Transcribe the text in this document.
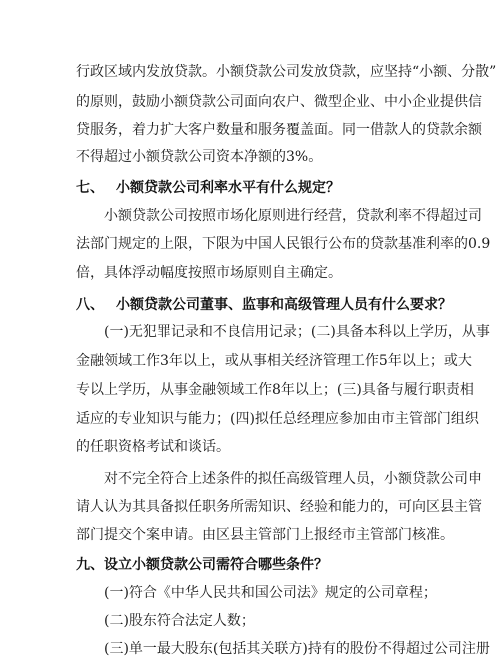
行政区域内发放贷款。小额贷款公司发放贷款，应坚持“小额、分散”
的原则，鼓励小额贷款公司面向农户、微型企业、中小企业提供信
贷服务，着力扩大客户数量和服务覆盖面。同一借款人的贷款余额
不得超过小额贷款公司资本净额的3%。
七、 小额贷款公司利率水平有什么规定？
小额贷款公司按照市场化原则进行经营，贷款利率不得超过司
法部门规定的上限，下限为中国人民银行公布的贷款基准利率的0.9
倍，具体浮动幅度按照市场原则自主确定。
八、 小额贷款公司董事、监事和高级管理人员有什么要求？
(一)无犯罪记录和不良信用记录；(二)具备本科以上学历，从事
金融领域工作3年以上，或从事相关经济管理工作5年以上；或大
专以上学历，从事金融领域工作8年以上；(三)具备与履行职责相
适应的专业知识与能力；(四)拟任总经理应参加由市主管部门组织
的任职资格考试和谈话。
对不完全符合上述条件的拟任高级管理人员，小额贷款公司申
请人认为其具备拟任职务所需知识、经验和能力的，可向区县主管
部门提交个案申请。由区县主管部门上报经市主管部门核准。
九、设立小额贷款公司需符合哪些条件？
(一)符合《中华人民共和国公司法》规定的公司章程；
(二)股东符合法定人数；
(三)单一最大股东(包括其关联方)持有的股份不得超过公司注册
